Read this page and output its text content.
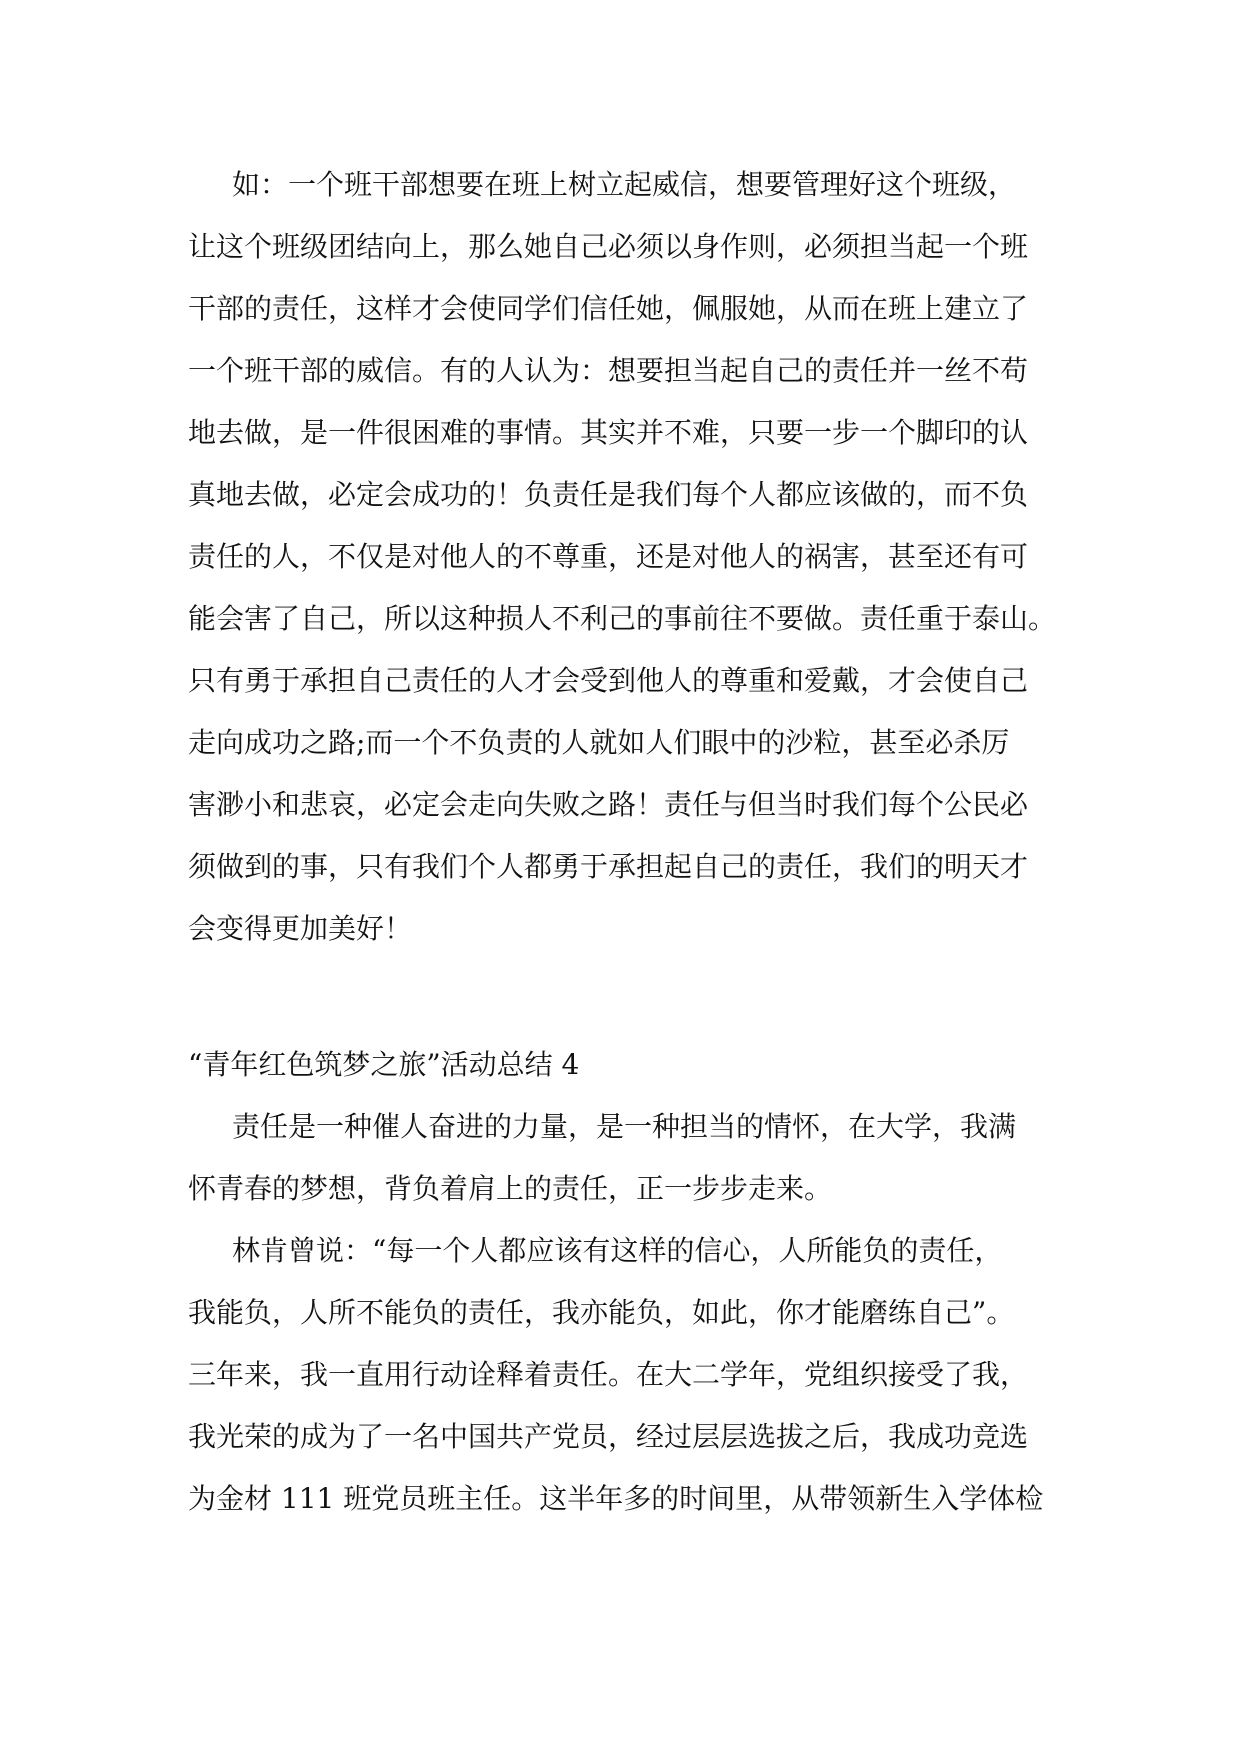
如：一个班干部想要在班上树立起威信，想要管理好这个班级，
让这个班级团结向上，那么她自己必须以身作则，必须担当起一个班
干部的责任，这样才会使同学们信任她，佩服她，从而在班上建立了
一个班干部的威信。有的人认为：想要担当起自己的责任并一丝不苟
地去做，是一件很困难的事情。其实并不难，只要一步一个脚印的认
真地去做，必定会成功的！负责任是我们每个人都应该做的，而不负
责任的人，不仅是对他人的不尊重，还是对他人的祸害，甚至还有可
能会害了自己，所以这种损人不利己的事前往不要做。责任重于泰山。
只有勇于承担自己责任的人才会受到他人的尊重和爱戴，才会使自己
走向成功之路;而一个不负责的人就如人们眼中的沙粒，甚至必杀厉
害渺小和悲哀，必定会走向失败之路！责任与但当时我们每个公民必
须做到的事，只有我们个人都勇于承担起自己的责任，我们的明天才
会变得更加美好！
“青年红色筑梦之旅”活动总结 4
责任是一种催人奋进的力量，是一种担当的情怀，在大学，我满
怀青春的梦想，背负着肩上的责任，正一步步走来。
林肯曾说：“每一个人都应该有这样的信心，人所能负的责任，
我能负，人所不能负的责任，我亦能负，如此，你才能磨练自己”。
三年来，我一直用行动诠释着责任。在大二学年，党组织接受了我，
我光荣的成为了一名中国共产党员，经过层层选拔之后，我成功竞选
为金材 111 班党员班主任。这半年多的时间里，从带领新生入学体检
